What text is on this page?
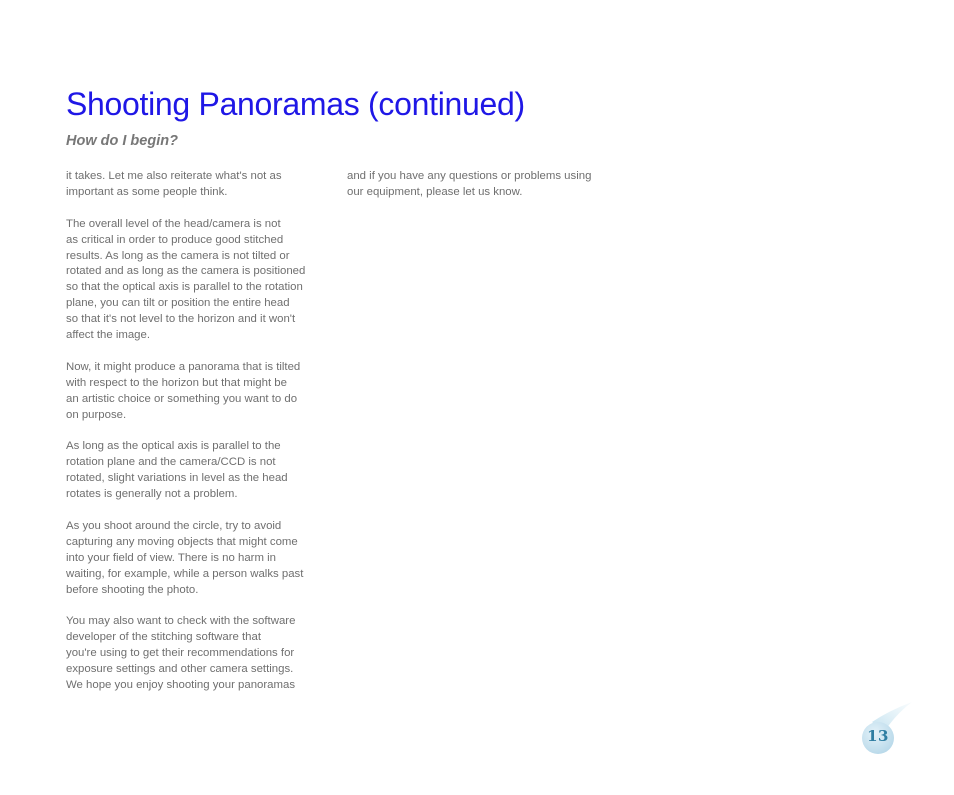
Shooting Panoramas (continued)
How do I begin?

it takes. Let me also reiterate what's not as
important as some people think.

The overall level of the head/camera is not
as critical in order to produce good stitched
results. As long as the camera is not tilted or
rotated and as long as the camera is positioned
so that the optical axis is parallel to the rotation
plane, you can tilt or position the entire head
so that it's not level to the horizon and it won't
affect the image.

Now, it might produce a panorama that is tilted
with respect to the horizon but that might be
an artistic choice or something you want to do
on purpose.

As long as the optical axis is parallel to the
rotation plane and the camera/CCD is not
rotated, slight variations in level as the head
rotates is generally not a problem.

As you shoot around the circle, try to avoid
capturing any moving objects that might come
into your field of view. There is no harm in
waiting, for example, while a person walks past
before shooting the photo.

You may also want to check with the software
developer of the stitching software that
you're using to get their recommendations for
exposure settings and other camera settings.
We hope you enjoy shooting your panoramas

and if you have any questions or problems using
our equipment, please let us know.

13
